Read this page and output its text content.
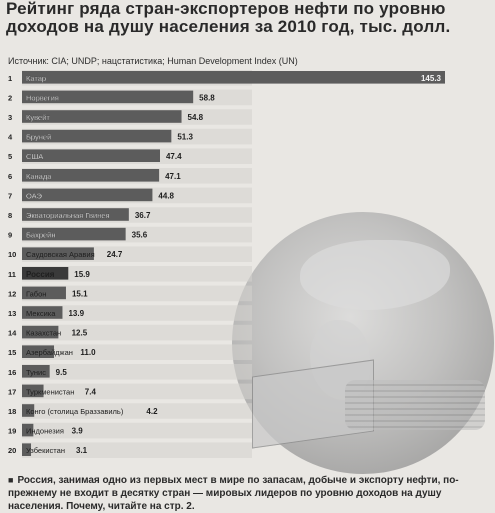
Рейтинг ряда стран-экспортеров нефти по уровню доходов на душу населения за 2010 год, тыс. долл.
Источник: CIA; UNDP; нацстатистика; Human Development Index (UN)
1 Катар	145.3
2 Норвегия	58.8
3 Кувейт	54.8
4 Бруней	51.3
5 США	47.4
6 Канада	47.1
7 ОАЭ	44.8
8 Экваториальная Гвинея	36.7
9 Бахрейн	35.6
10 Саудовская Аравия 24.7
11 Россия 15.9
12 Габон	15.1
13 Мексика 13.9
14 Казахстан 12.5
15 Азербайджан 11.0
16 Тунис 9.5
17 Туркменистан 7.4
18 Конго (столица Браззавиль)	4.2
19 Индонезия 3.9
20 Узбекистан 3.1
■ Россия, занимая одно из первых мест в мире по запасам, добыче и экспорту нефти, по-прежнему не входит в десятку стран — мировых лидеров по уровню доходов на душу населения. Почему, читайте на стр. 2.
